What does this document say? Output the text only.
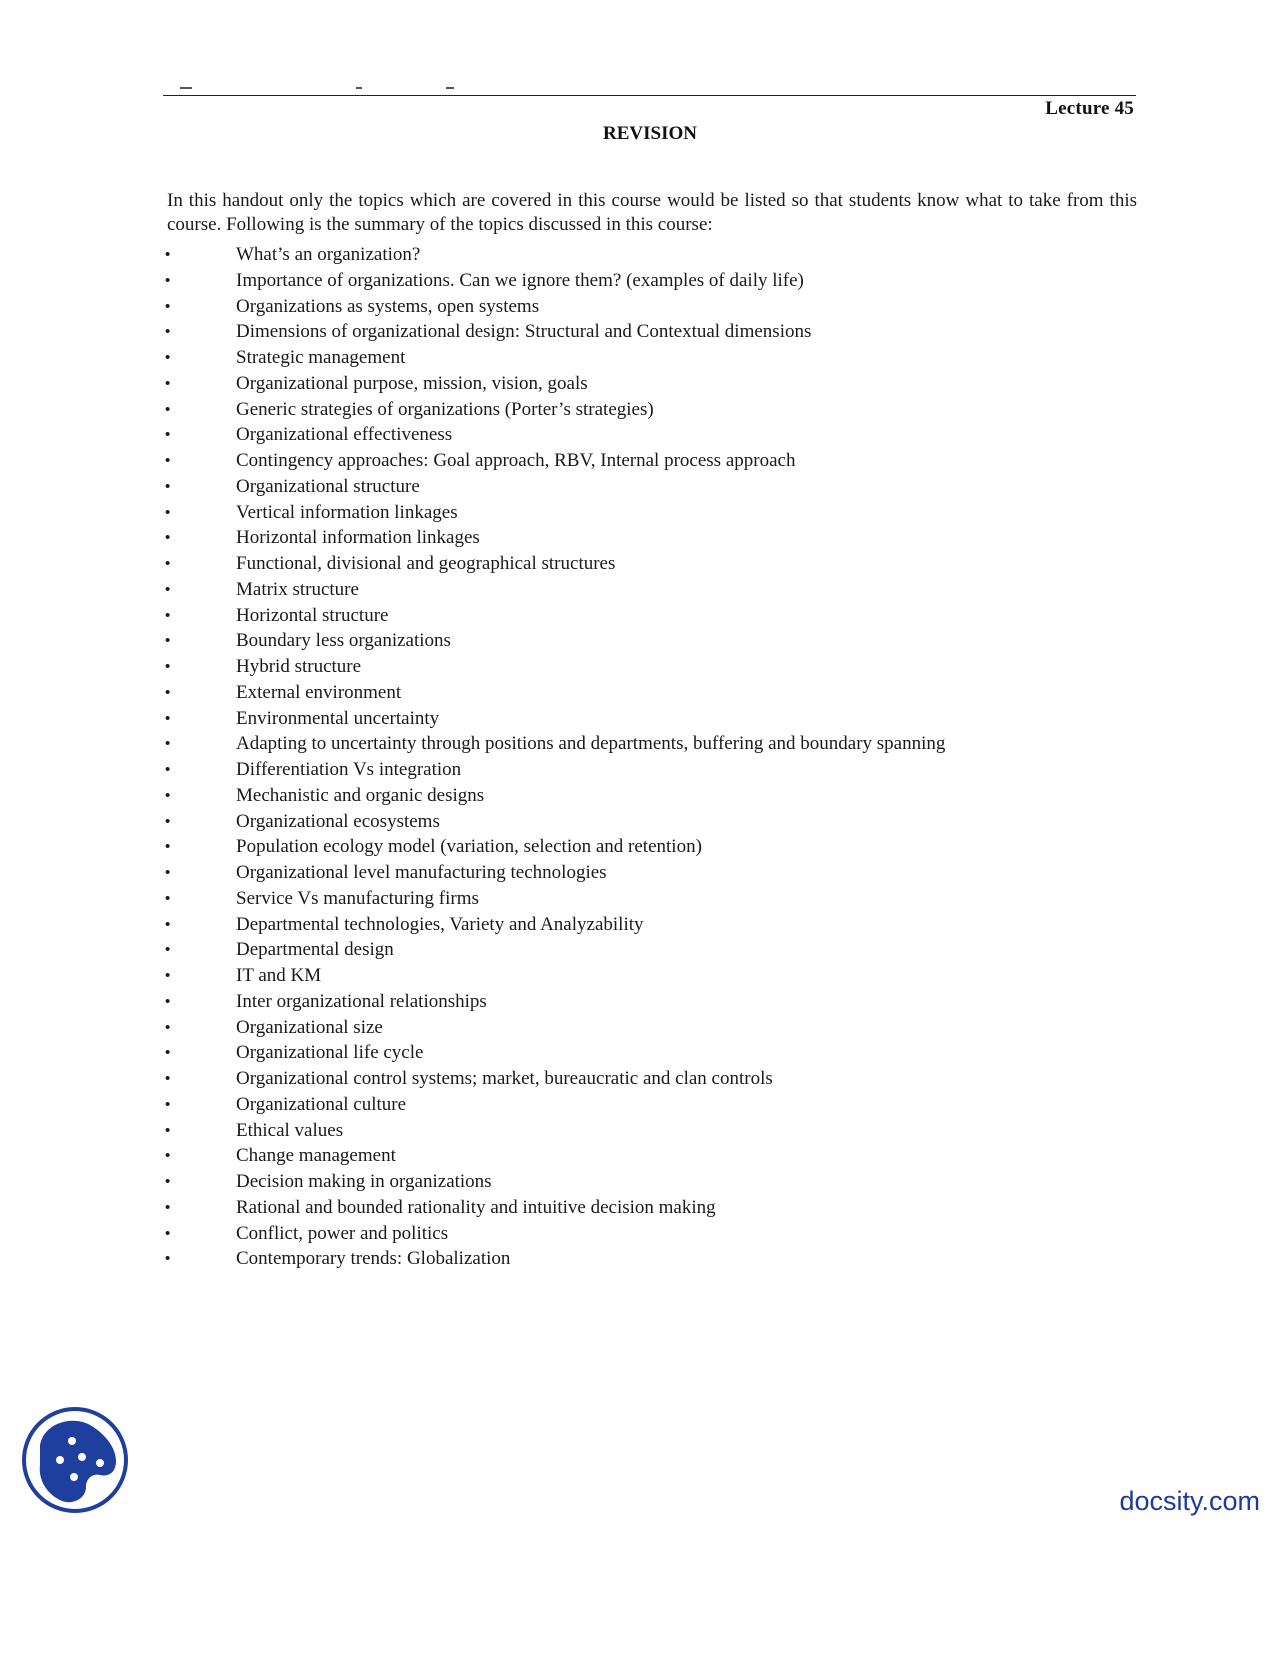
Lecture 45
REVISION

In this handout only the topics which are covered in this course would be listed so that students know what to take from this course. Following is the summary of the topics discussed in this course:

•	What’s an organization?
•	Importance of organizations. Can we ignore them? (examples of daily life)
•	Organizations as systems, open systems
•	Dimensions of organizational design: Structural and Contextual dimensions
•	Strategic management
•	Organizational purpose, mission, vision, goals
•	Generic strategies of organizations (Porter’s strategies)
•	Organizational effectiveness
•	Contingency approaches: Goal approach, RBV, Internal process approach
•	Organizational structure
•	Vertical information linkages
•	Horizontal information linkages
•	Functional, divisional and geographical structures
•	Matrix structure
•	Horizontal structure
•	Boundary less organizations
•	Hybrid structure
•	External environment
•	Environmental uncertainty
•	Adapting to uncertainty through positions and departments, buffering and boundary spanning
•	Differentiation Vs integration
•	Mechanistic and organic designs
•	Organizational ecosystems
•	Population ecology model (variation, selection and retention)
•	Organizational level manufacturing technologies
•	Service Vs manufacturing firms
•	Departmental technologies, Variety and Analyzability
•	Departmental design
•	IT and KM
•	Inter organizational relationships
•	Organizational size
•	Organizational life cycle
•	Organizational control systems; market, bureaucratic and clan controls
•	Organizational culture
•	Ethical values
•	Change management
•	Decision making in organizations
•	Rational and bounded rationality and intuitive decision making
•	Conflict, power and politics
•	Contemporary trends: Globalization
docsity.com
